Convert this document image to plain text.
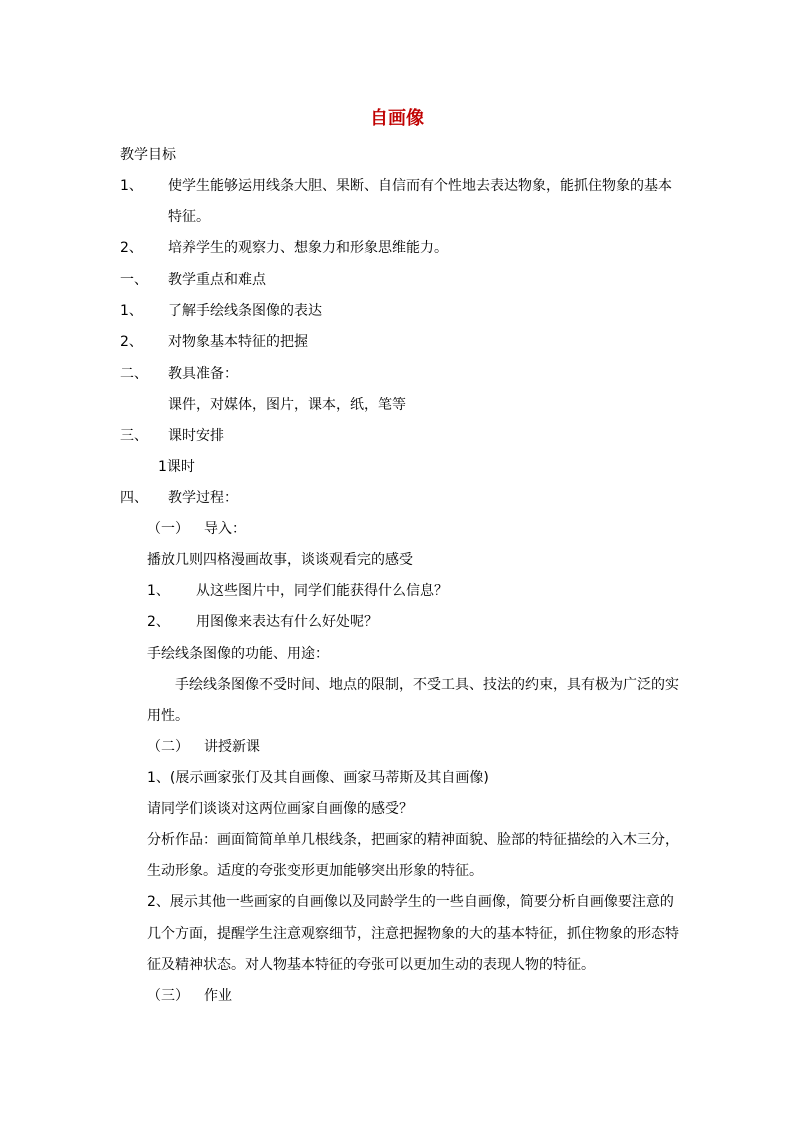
自画像
教学目标
1、 使学生能够运用线条大胆、果断、自信而有个性地去表达物象，能抓住物象的基本
特征。
2、 培养学生的观察力、想象力和形象思维能力。
一、 教学重点和难点
1、 了解手绘线条图像的表达
2、 对物象基本特征的把握
二、 教具准备：
课件，对媒体，图片，课本，纸，笔等
三、 课时安排
1课时
四、 教学过程：
（一） 导入：
播放几则四格漫画故事，谈谈观看完的感受
1、 从这些图片中，同学们能获得什么信息？
2、 用图像来表达有什么好处呢？
手绘线条图像的功能、用途：
手绘线条图像不受时间、地点的限制，不受工具、技法的约束，具有极为广泛的实
用性。
（二） 讲授新课
1、(展示画家张仃及其自画像、画家马蒂斯及其自画像)
请同学们谈谈对这两位画家自画像的感受？
分析作品：画面简简单单几根线条，把画家的精神面貌、脸部的特征描绘的入木三分，
生动形象。适度的夸张变形更加能够突出形象的特征。
2、展示其他一些画家的自画像以及同龄学生的一些自画像，简要分析自画像要注意的
几个方面，提醒学生注意观察细节，注意把握物象的大的基本特征，抓住物象的形态特
征及精神状态。对人物基本特征的夸张可以更加生动的表现人物的特征。
（三） 作业
